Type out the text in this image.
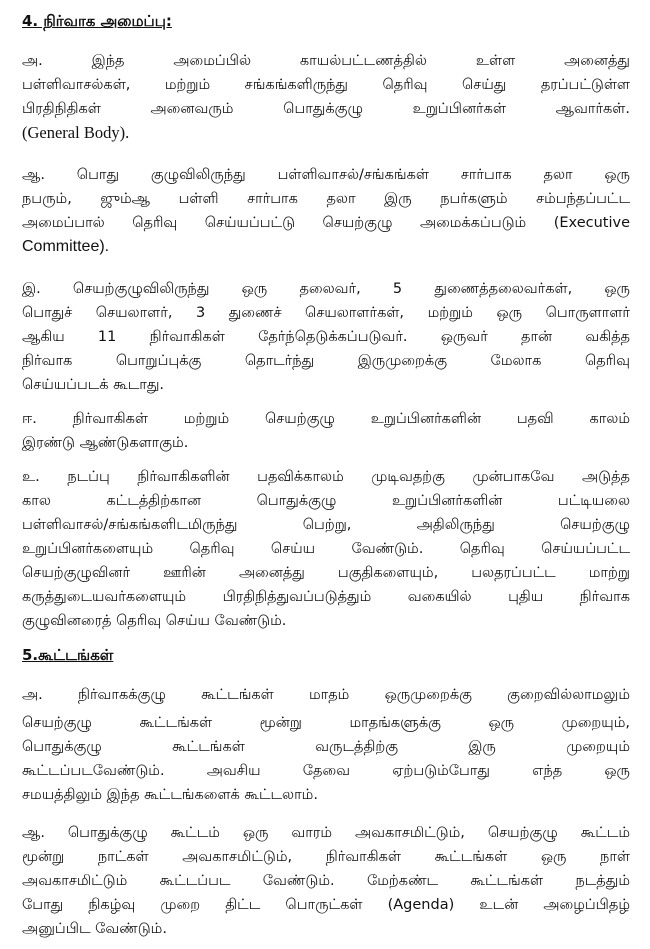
4. நிர்வாக அமைப்பு:
அ. இந்த அமைப்பில் காயல்பட்டணத்தில் உள்ள அனைத்து
பள்ளிவாசல்கள், மற்றும் சங்கங்களிருந்து தெரிவு செய்து தரப்பட்டுள்ள
பிரதிநிதிகள் அனைவரும் பொதுக்குழு உறுப்பினர்கள் ஆவார்கள்.
(General Body).
ஆ. பொது குழுவிலிருந்து பள்ளிவாசல்/சங்கங்கள் சார்பாக தலா ஒரு
நபரும், ஜும்ஆ பள்ளி சார்பாக தலா இரு நபர்களும் சம்பந்தப்பட்ட
அமைப்பால் தெரிவு செய்யப்பட்டு செயற்குழு அமைக்கப்படும் (Executive
Committee).
இ. செயற்குழுவிலிருந்து ஒரு தலைவர், 5 துணைத்தலைவர்கள், ஒரு
பொதுச் செயலாளர், 3 துணைச் செயலாளர்கள், மற்றும் ஒரு பொருளாளர்
ஆகிய 11 நிர்வாகிகள் தேர்ந்தெடுக்கப்படுவர். ஒருவர் தான் வகித்த
நிர்வாக பொறுப்புக்கு தொடர்ந்து இருமுறைக்கு மேலாக தெரிவு
செய்யப்படக் கூடாது.
ஈ. நிர்வாகிகள் மற்றும் செயற்குழு உறுப்பினர்களின் பதவி காலம்
இரண்டு ஆண்டுகளாகும்.
உ. நடப்பு நிர்வாகிகளின் பதவிக்காலம் முடிவதற்கு முன்பாகவே அடுத்த
கால கட்டத்திற்கான பொதுக்குழு உறுப்பினர்களின் பட்டியலை
பள்ளிவாசல்/சங்கங்களிடமிருந்து பெற்று, அதிலிருந்து செயற்குழு
உறுப்பினர்களையும் தெரிவு செய்ய வேண்டும். தெரிவு செய்யப்பட்ட
செயற்குழுவினர் ஊரின் அனைத்து பகுதிகளையும், பலதரப்பட்ட மாற்று
கருத்துடையவர்களையும் பிரதிநித்துவப்படுத்தும் வகையில் புதிய நிர்வாக
குழுவினரைத் தெரிவு செய்ய வேண்டும்.
5.கூட்டங்கள்
அ. நிர்வாகக்குழு கூட்டங்கள் மாதம் ஒருமுறைக்கு குறைவில்லாமலும்
செயற்குழு கூட்டங்கள் மூன்று மாதங்களுக்கு ஒரு முறையும்,
பொதுக்குழு கூட்டங்கள் வருடத்திற்கு இரு முறையும்
கூட்டப்படவேண்டும். அவசிய தேவை ஏற்படும்போது எந்த ஒரு
சமயத்திலும் இந்த கூட்டங்களைக் கூட்டலாம்.
ஆ. பொதுக்குழு கூட்டம் ஒரு வாரம் அவகாசமிட்டும், செயற்குழு கூட்டம்
மூன்று நாட்கள் அவகாசமிட்டும், நிர்வாகிகள் கூட்டங்கள் ஒரு நாள்
அவகாசமிட்டும் கூட்டப்பட வேண்டும். மேற்கண்ட கூட்டங்கள் நடத்தும்
போது நிகழ்வு முறை திட்ட பொருட்கள் (Agenda) உடன் அழைப்பிதழ்
அனுப்பிட வேண்டும்.
